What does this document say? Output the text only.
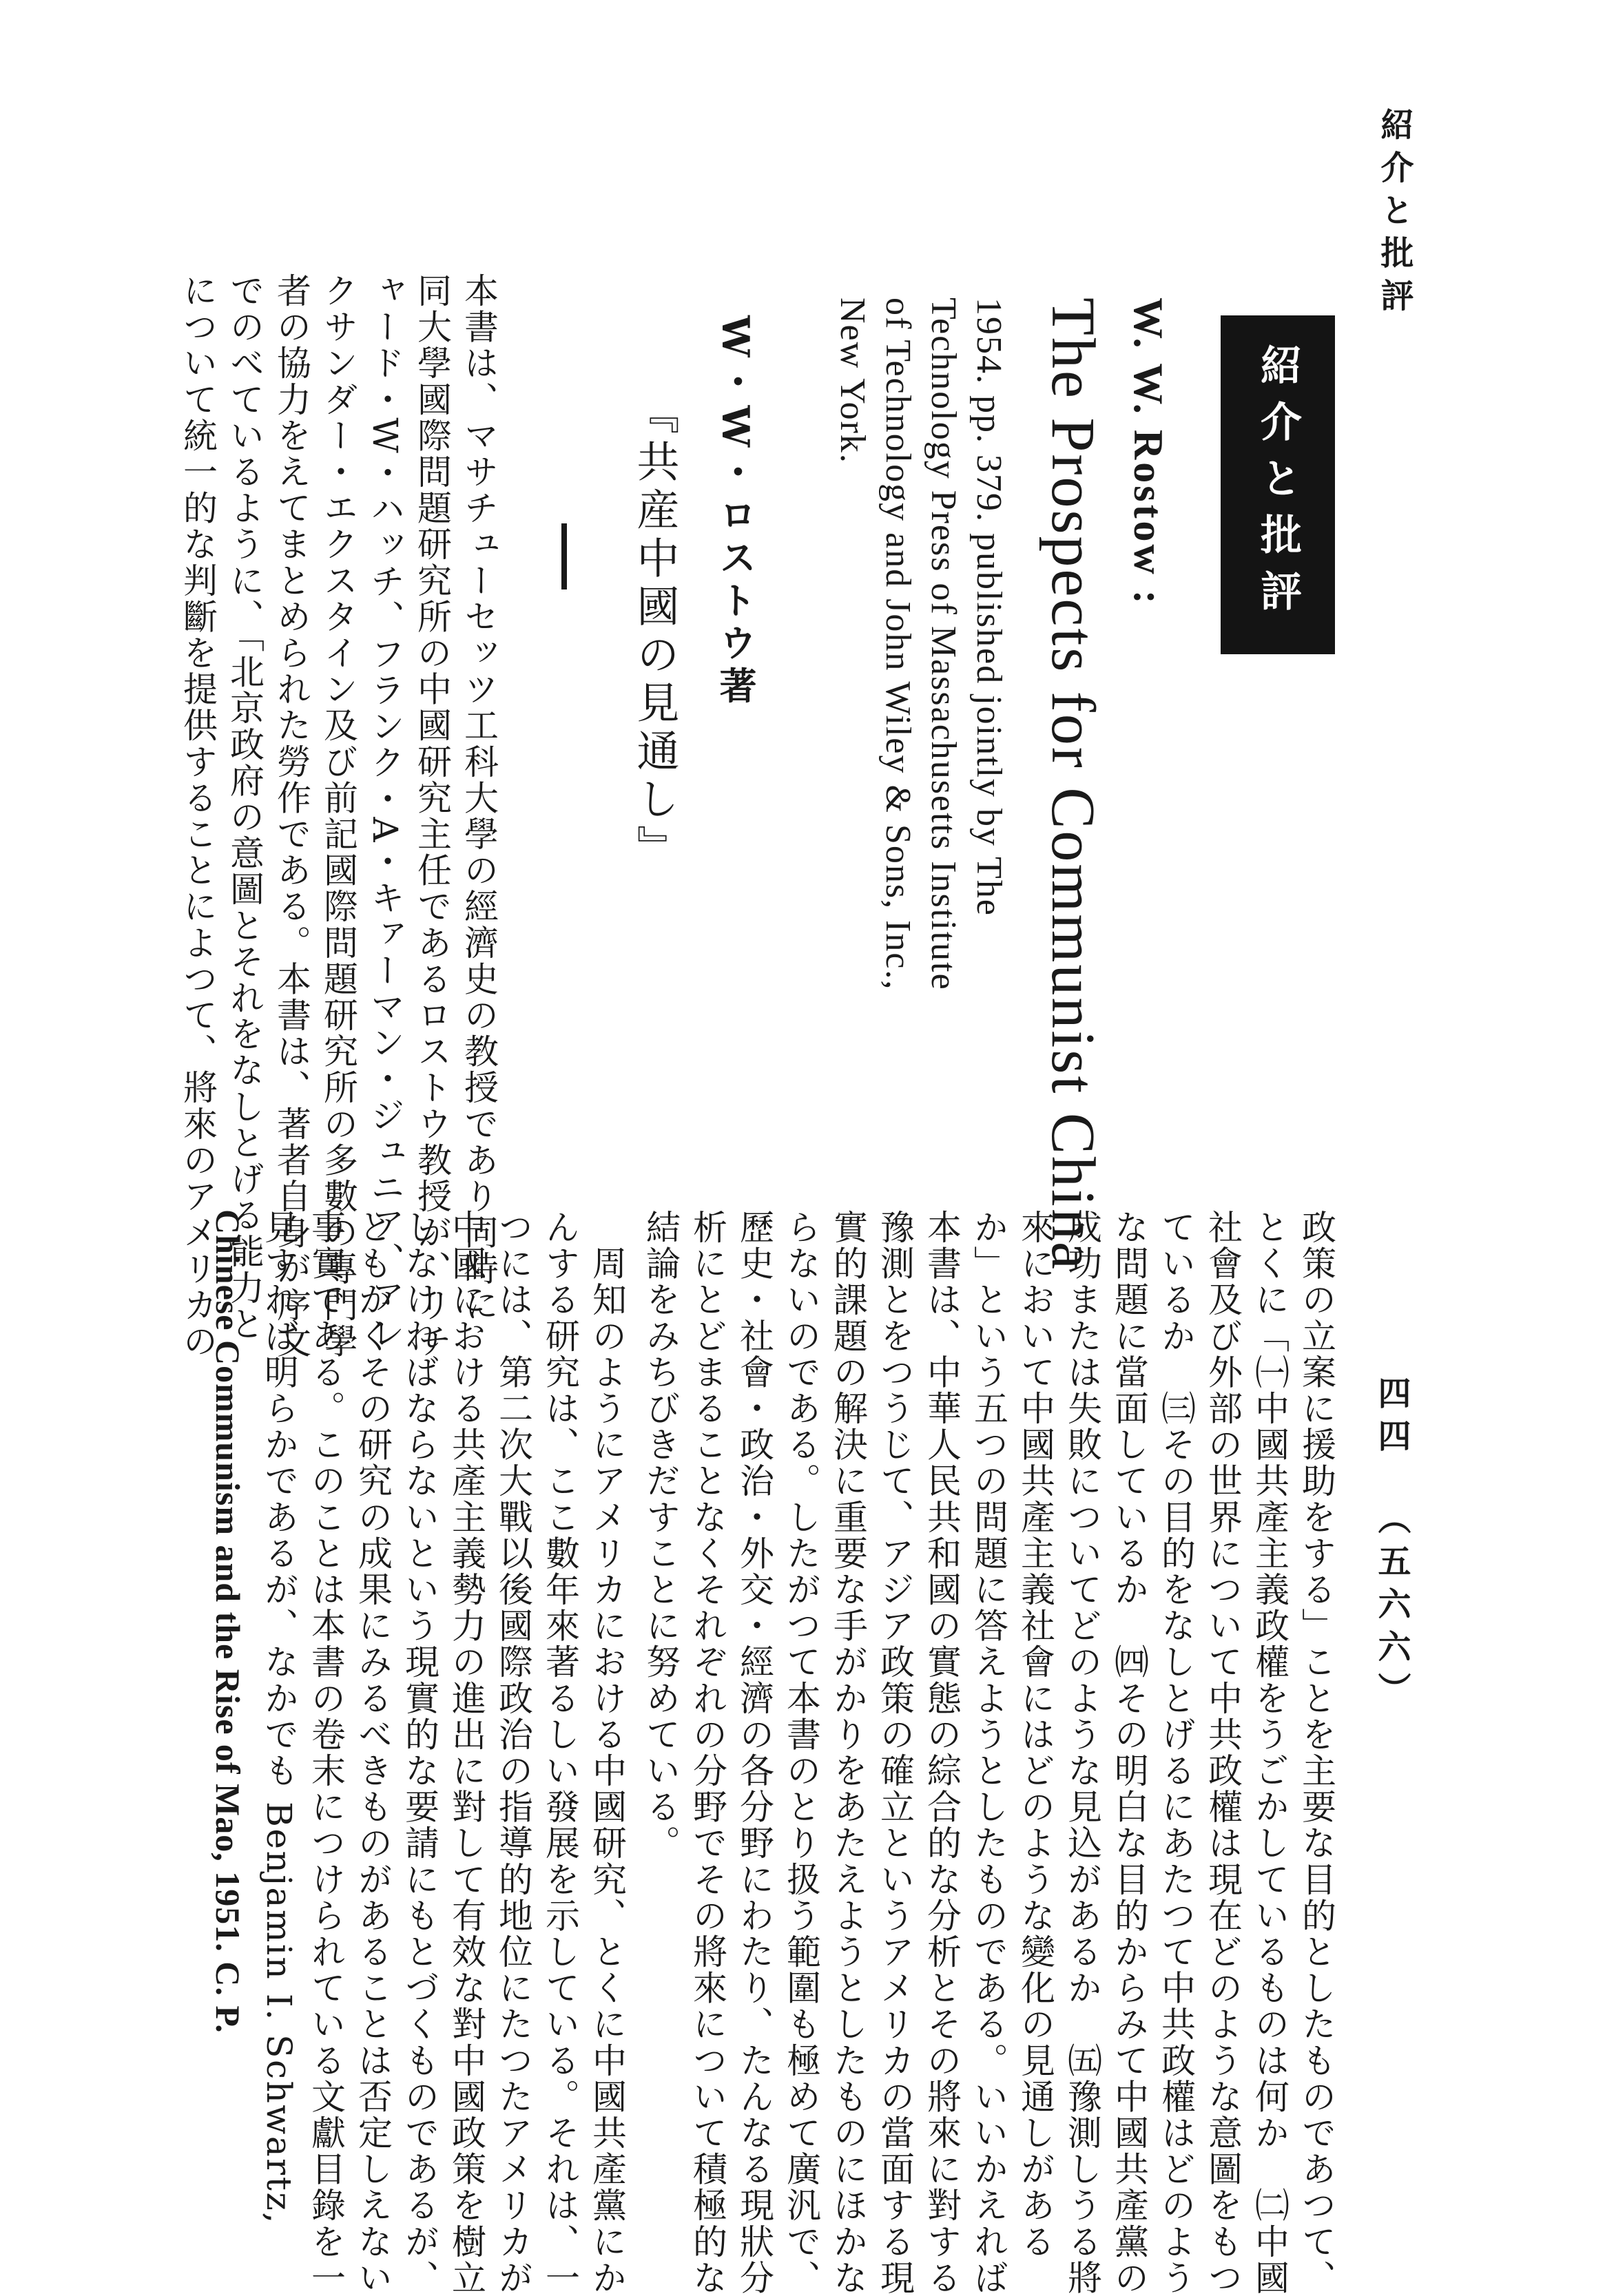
紹介と批評
紹介と批評
W. W. Rostow :
The Prospects for Communist China
1954. pp. 379. published jointly by The
Technology Press of Massachusetts Institute
of Technology and John Wiley & Sons, Inc.,
New York.
W・W・ロストウ著
『共産中國の見通し』
本書は、マサチューセッツ工科大學の經濟史の教授であり同時に
同大學國際問題研究所の中國研究主任であるロストウ教授が、リチ
ャード・W・ハッチ、フランク・A・キァーマン・ジュニア、アレ
クサンダー・エクスタイン及び前記國際問題研究所の多數の專門學
者の協力をえてまとめられた勞作である。本書は、著者自身が序文
でのべているように、「北京政府の意圖とそれをなしとげる能力と
について統一的な判斷を提供することによつて、將來のアメリカの
政策の立案に援助をする」ことを主要な目的としたものであつて、
とくに「㈠中國共產主義政權をうごかしているものは何か　㈡中國
社會及び外部の世界について中共政權は現在どのような意圖をもつ
ているか　㈢その目的をなしとげるにあたつて中共政權はどのよう
な問題に當面しているか　㈣その明白な目的からみて中國共產黨の
成功または失敗についてどのような見込があるか　㈤豫測しうる將
來において中國共產主義社會にはどのような變化の見通しがある
か」という五つの問題に答えようとしたものである。いいかえれば
本書は、中華人民共和國の實態の綜合的な分析とその將來に對する
豫測とをつうじて、アジア政策の確立というアメリカの當面する現
實的課題の解決に重要な手がかりをあたえようとしたものにほかな
らないのである。したがつて本書のとり扱う範圍も極めて廣汎で、
歷史・社會・政治・外交・經濟の各分野にわたり、たんなる現狀分
析にとどまることなくそれぞれの分野でその將來について積極的な
結論をみちびきだすことに努めている。
　周知のようにアメリカにおける中國研究、とくに中國共產黨にか
んする研究は、ここ數年來著るしい發展を示している。それは、一
つには、第二次大戰以後國際政治の指導的地位にたつたアメリカが
中國における共產主義勢力の進出に對して有效な對中國政策を樹立
しなければならないという現實的な要請にもとづくものであるが、
ともかくその研究の成果にみるべきものがあることは否定しえない
事實である。このことは本書の卷末につけられている文獻目錄を一
見すれば明らかであるが、なかでも Benjamin I. Schwartz,
Chinese Communism and the Rise of Mao, 1951. C. P.	四四
（五六六）
